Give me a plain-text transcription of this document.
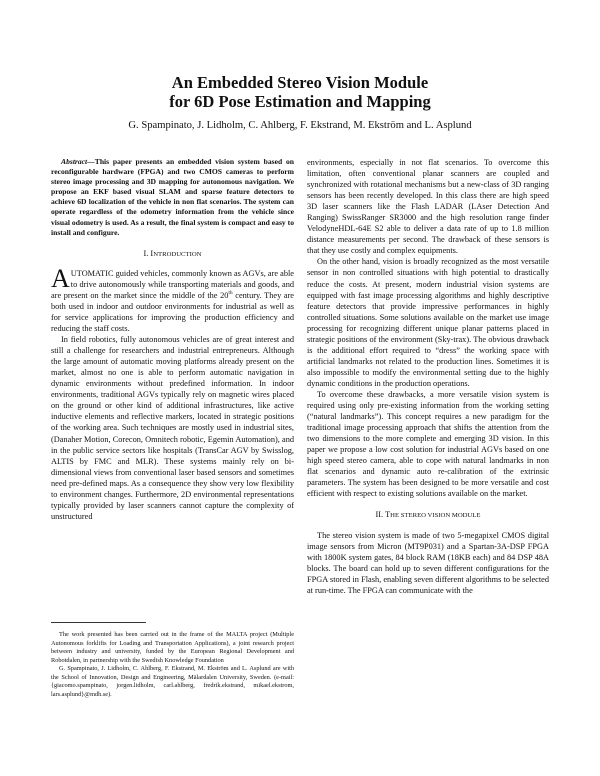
An Embedded Stereo Vision Module
for 6D Pose Estimation and Mapping
G. Spampinato, J. Lidholm, C. Ahlberg, F. Ekstrand, M. Ekström and L. Asplund

Abstract—This paper presents an embedded vision system based on reconfigurable hardware (FPGA) and two CMOS cameras to perform stereo image processing and 3D mapping for autonomous navigation. We propose an EKF based visual SLAM and sparse feature detectors to achieve 6D localization of the vehicle in non flat scenarios. The system can operate regardless of the odometry information from the vehicle since visual odometry is used. As a result, the final system is compact and easy to install and configure.

I. INTRODUCTION

AUTOMATIC guided vehicles, commonly known as AGVs, are able to drive autonomously while transporting materials and goods, and are present on the market since the middle of the 20th century. They are both used in indoor and outdoor environments for industrial as well as for service applications for improving the production efficiency and reducing the staff costs.

In field robotics, fully autonomous vehicles are of great interest and still a challenge for researchers and industrial entrepreneurs. Although the large amount of automatic moving platforms already present on the market, almost no one is able to perform automatic navigation in dynamic environments without predefined information. In indoor environments, traditional AGVs typically rely on magnetic wires placed on the ground or other kind of additional infrastructures, like active inductive elements and reflective markers, located in strategic positions of the working area. Such techniques are mostly used in industrial sites, (Danaher Motion, Corecon, Omnitech robotic, Egemin Automation), and in the public service sectors like hospitals (TransCar AGV by Swisslog, ALTIS by FMC and MLR). These systems mainly rely on bi-dimensional views from conventional laser based sensors and sometimes need pre-defined maps. As a consequence they show very low flexibility to environment changes. Furthermore, 2D environmental representations typically provided by laser scanners cannot capture the complexity of unstructured

The work presented has been carried out in the frame of the MALTA project (Multiple Autonomous forklifts for Loading and Transportation Applications), a joint research project between industry and university, funded by the European Regional Development and Robotdalen, in partnership with the Swedish Knowledge Foundation

G. Spampinato, J. Lidholm, C. Ahlberg, F. Ekstrand, M. Ekström and L. Asplund are with the School of Innovation, Design and Engineering, Mälardalen University, Sweden. (e-mail: {giacomo.spampinato, jorgen.lidholm, carl.ahlberg, fredrik.ekstrand, mikael.ekstrom, lars.asplund}@mdh.se).

environments, especially in not flat scenarios. To overcome this limitation, often conventional planar scanners are coupled and synchronized with rotational mechanisms but a new-class of 3D ranging sensors has been recently developed. In this class there are high speed 3D laser scanners like the Flash LADAR (LAser Detection And Ranging) SwissRanger SR3000 and the high resolution range finder VelodyneHDL-64E S2 able to deliver a data rate of up to 1.8 million distance measurements per second. The drawback of these sensors is that they use costly and complex equipments.

On the other hand, vision is broadly recognized as the most versatile sensor in non controlled situations with high potential to drastically reduce the costs. At present, modern industrial vision systems are equipped with fast image processing algorithms and highly descriptive feature detectors that provide impressive performances in highly controlled situations. Some solutions available on the market use image processing for recognizing different unique planar patterns placed in strategic positions of the environment (Sky-trax). The obvious drawback is the additional effort required to “dress” the working space with artificial landmarks not related to the production lines. Sometimes it is also impossible to modify the environmental setting due to the highly dynamic conditions in the production operations.

To overcome these drawbacks, a more versatile vision system is required using only pre-existing information from the working setting (“natural landmarks”). This concept requires a new paradigm for the traditional image processing approach that shifts the attention from the two dimensions to the more complete and emerging 3D vision. In this paper we propose a low cost solution for industrial AGVs based on one high speed stereo camera, able to cope with natural landmarks in non flat scenarios and dynamic auto re-calibration of the extrinsic parameters. The system has been designed to be more versatile and cost efficient with respect to existing solutions available on the market.

II. THE STEREO VISION MODULE

The stereo vision system is made of two 5-megapixel CMOS digital image sensors from Micron (MT9P031) and a Spartan-3A-DSP FPGA with 1800K system gates, 84 block RAM (18KB each) and 84 DSP 48A blocks. The board can hold up to seven different configurations for the FPGA stored in Flash, enabling seven different algorithms to be selected at run-time. The FPGA can communicate with the
